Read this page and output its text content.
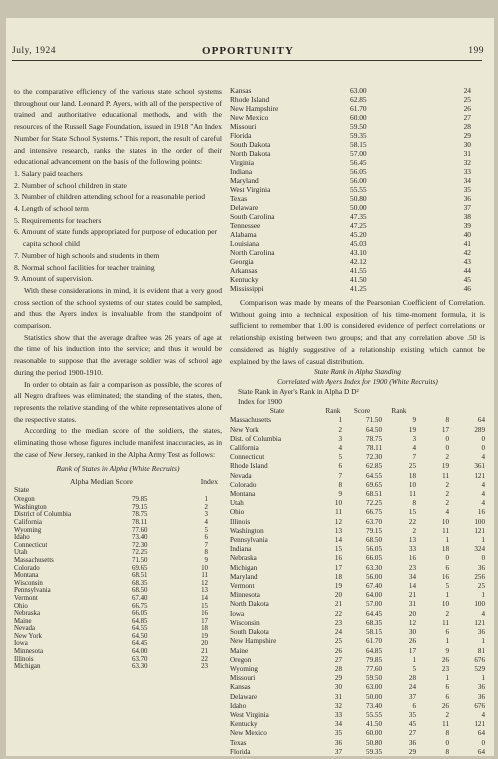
July, 1924	OPPORTUNITY	199

to the comparative efficiency of the various state school systems throughout our land. Leonard P. Ayers, with all of the perspective of trained and authoritative educational methods, and with the resources of the Russell Sage Foundation, issued in 1918 "An Index Number for State School Systems." This report, the result of careful and intensive research, ranks the states in the order of their educational advancement on the basis of the following points:

1. Salary paid teachers
2. Number of school children in state
3. Number of children attending school for a reasonable period
4. Length of school term
5. Requirements for teachers
6. Amount of state funds appropriated for purpose of education per capita school child
7. Number of high schools and students in them
8. Normal school facilities for teacher training
9. Amount of supervision.

With these considerations in mind, it is evident that a very good cross section of the school systems of our states could be sampled, and thus the Ayers index is invaluable from the standpoint of comparison.

Statistics show that the average draftee was 26 years of age at the time of his induction into the service; and thus it would be reasonable to suppose that the average soldier was of school age during the period 1900-1910.

In order to obtain as fair a comparison as possible, the scores of all Negro draftees was eliminated; the standing of the states, then, represents the relative standing of the white representatives alone of the respective states.

According to the median score of the soldiers, the states, eliminating those whose figures include manifest inaccuracies, as in the case of New Jersey, ranked in the Alpha Army Test as follows:

Rank of States in Alpha (White Recruits)
State
Alpha Median Score	Index
Oregon	79.85	1
Washington	79.15	2
District of Columbia	78.75	3
California	78.11	4
Wyoming	77.60	5
Idaho	73.40	6
Connecticut	72.30	7
Utah	72.25	8
Massachusetts	71.50	9
Colorado	69.65	10
Montana	68.51	11
Wisconsin	68.35	12
Pennsylvania	68.50	13
Vermont	67.40	14
Ohio	66.75	15
Nebraska	66.05	16
Maine	64.85	17
Nevada	64.55	18
New York	64.50	19
Iowa	64.45	20
Minnesota	64.00	21
Illinois	63.70	22
Michigan	63.30	23
Kansas	63.00	24
Rhode Island	62.85	25
New Hampshire	61.70	26
New Mexico	60.00	27
Missouri	59.50	28
Florida	59.35	29
South Dakota	58.15	30
North Dakota	57.00	31
Virginia	56.45	32
Indiana	56.05	33
Maryland	56.00	34
West Virginia	55.55	35
Texas	50.80	36
Delaware	50.00	37
South Carolina	47.35	38
Tennessee	47.25	39
Alabama	45.20	40
Louisiana	45.03	41
North Carolina	43.10	42
Georgia	42.12	43
Arkansas	41.55	44
Kentucky	41.50	45
Mississippi	41.25	46

Comparison was made by means of the Pearsonian Coefficient of Correlation. Without going into a technical exposition of his time-moment formula, it is sufficient to remember that 1.00 is considered evidence of perfect correlations or relationship existing between two groups; and that any correlation above .50 is considered as highly suggestive of a relationship existing which cannot be explained by the laws of casual distribution.

State Rank in Alpha Standing
Correlated with Ayers Index for 1900 (White Recruits)
State Rank in Ayer's Rank in Alpha D D²
Index for 1900
State	Rank	Score	Rank		
Massachusetts	1	71.50	9	8	64
New York	2	64.50	19	17	289
Dist. of Columbia	3	78.75	3	0	0
California	4	78.11	4	0	0
Connecticut	5	72.30	7	2	4
Rhode Island	6	62.85	25	19	361
Nevada	7	64.55	18	11	121
Colorado	8	69.65	10	2	4
Montana	9	68.51	11	2	4
Utah	10	72.25	8	2	4
Ohio	11	66.75	15	4	16
Illinois	12	63.70	22	10	100
Washington	13	79.15	2	11	121
Pennsylvania	14	68.50	13	1	1
Indiana	15	56.05	33	18	324
Nebraska	16	66.05	16	0	0
Michigan	17	63.30	23	6	36
Maryland	18	56.00	34	16	256
Vermont	19	67.40	14	5	25
Minnesota	20	64.00	21	1	1
North Dakota	21	57.00	31	10	100
Iowa	22	64.45	20	2	4
Wisconsin	23	68.35	12	11	121
South Dakota	24	58.15	30	6	36
New Hampshire	25	61.70	26	1	1
Maine	26	64.85	17	9	81
Oregon	27	79.85	1	26	676
Wyoming	28	77.60	5	23	529
Missouri	29	59.50	28	1	1
Kansas	30	63.00	24	6	36
Delaware	31	50.00	37	6	36
Idaho	32	73.40	6	26	676
West Virginia	33	55.55	35	2	4
Kentucky	34	41.50	45	11	121
New Mexico	35	60.00	27	8	64
Texas	36	50.80	36	0	0
Florida	37	59.35	29	8	64
